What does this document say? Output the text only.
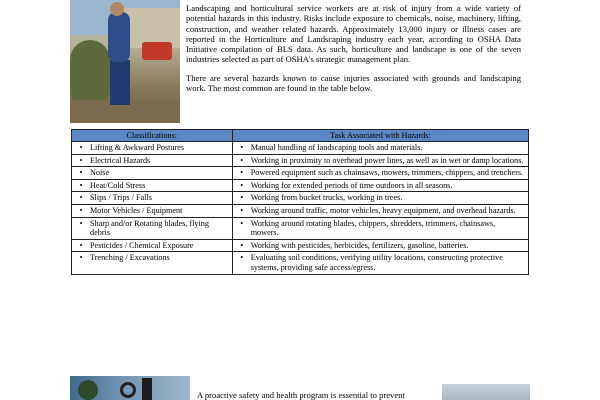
Landscaping and horticultural service workers are at risk of injury from a wide variety of potential hazards in this industry. Risks include exposure to chemicals, noise, machinery, lifting, construction, and weather related hazards. Approximately 13,000 injury or illness cases are reported in the Horticulture and Landscaping industry each year, according to OSHA Data Initiative compilation of BLS data. As such, horticulture and landscape is one of the seven industries selected as part of OSHA's strategic management plan.

There are several hazards known to cause injuries associated with grounds and landscaping work. The most common are found in the table below.

Classifications:	Task Associated with Hazards:

• Lifting & Awkward Postures	• Manual handling of landscaping tools and materials.

• Electrical Hazards	• Working in proximity to overhead power lines, as well as in wet or damp locations.

• Noise	• Powered equipment such as chainsaws, mowers, trimmers, chippers, and trenchers.

• Heat/Cold Stress	• Working for extended periods of time outdoors in all seasons.

• Slips / Trips / Falls	• Working from bucket trucks, working in trees.

• Motor Vehicles / Equipment	• Working around traffic, motor vehicles, heavy equipment, and overhead hazards.

• Sharp and/or Rotating blades, flying debris	• Working around rotating blades, chippers, shredders, trimmers, chainsaws, mowers.

• Pesticides / Chemical Exposure	• Working with pesticides, herbicides, fertilizers, gasoline, batteries.

• Trenching / Excavations	• Evaluating soil conditions, verifying utility locations, constructing protective systems, providing safe access/egress.
A proactive safety and health program is essential to prevent
